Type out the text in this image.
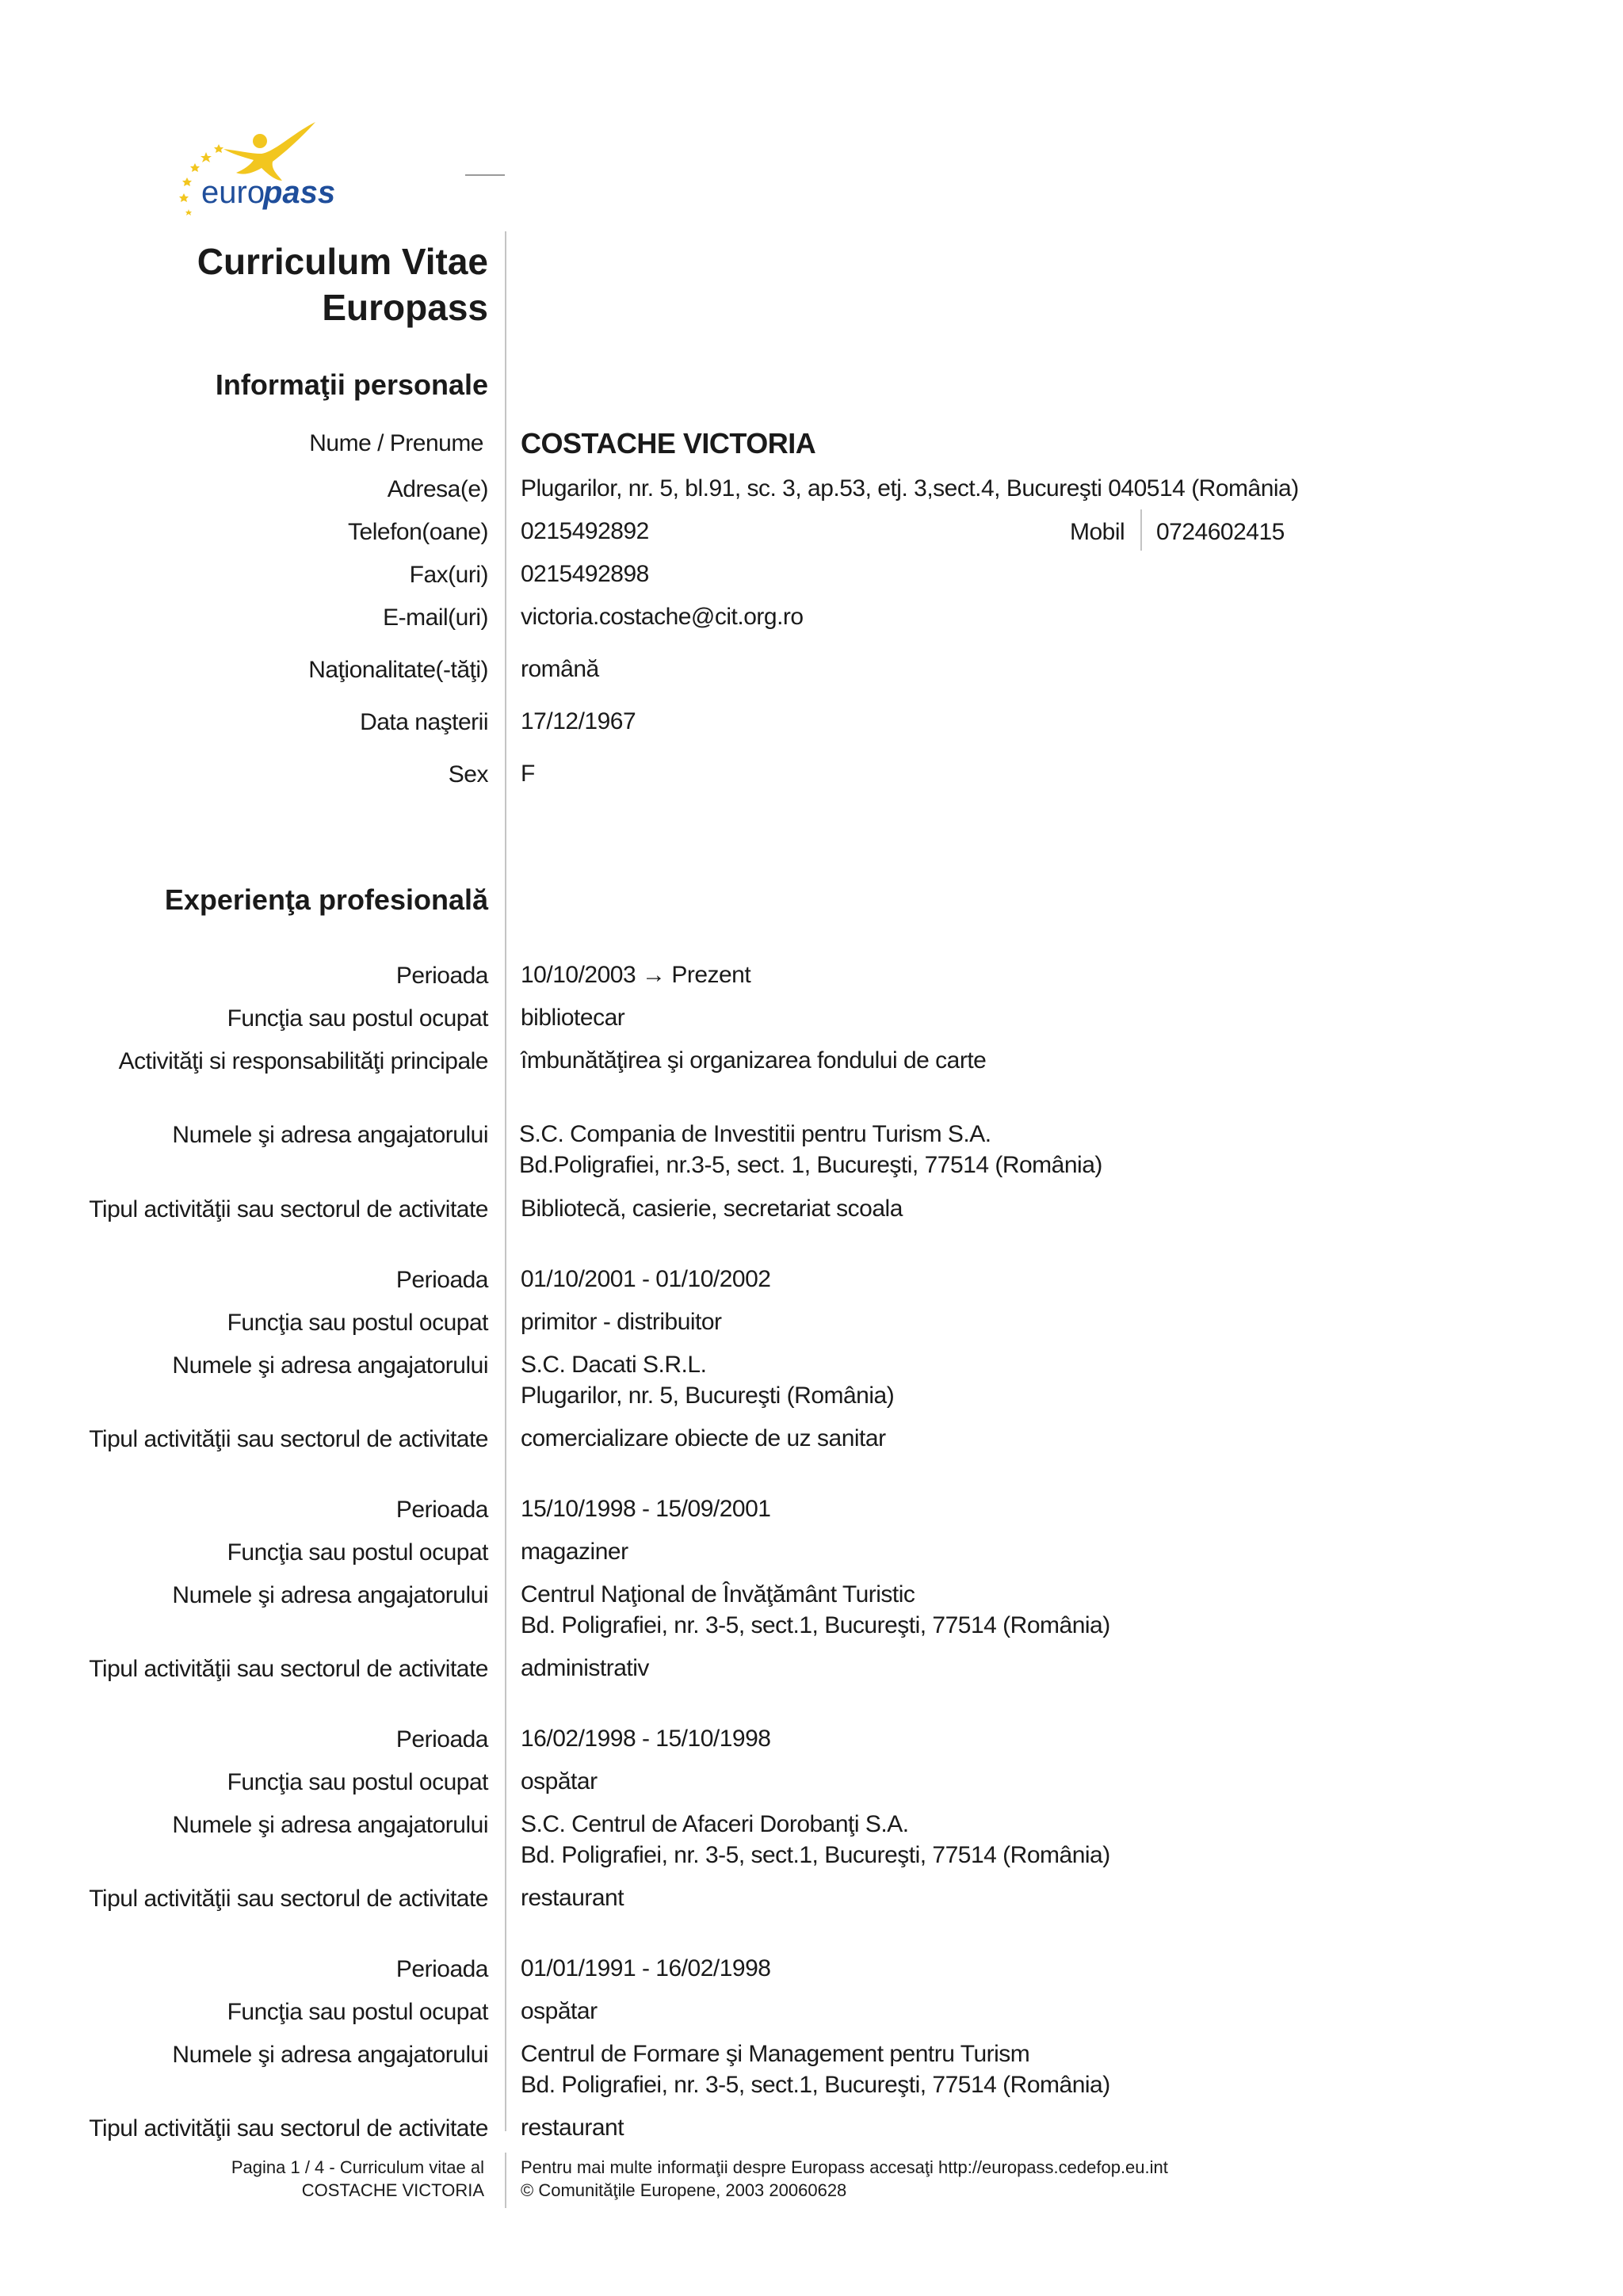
euro
pass
Curriculum Vitae
Europass
Informaţii personale
Nume / Prenume COSTACHE VICTORIA
Adresa(e) Plugarilor, nr. 5, bl.91, sc. 3, ap.53, etj. 3,sect.4, Bucureşti 040514 (România)
Telefon(oane) 0215492892	Mobil 0724602415
Fax(uri) 0215492898
E-mail(uri) victoria.costache@cit.org.ro
Naţionalitate(-tăţi) română
Data naşterii 17/12/1967
Sex F
Experienţa profesională
Perioada 10/10/2003 → Prezent
Funcţia sau postul ocupat bibliotecar
Activităţi si responsabilităţi principale îmbunătăţirea şi organizarea fondului de carte
Numele şi adresa angajatorului S.C. Compania de Investitii pentru Turism S.A.
Bd.Poligrafiei, nr.3-5, sect. 1, Bucureşti, 77514 (România)
Tipul activităţii sau sectorul de activitate Bibliotecă, casierie, secretariat scoala
Perioada 01/10/2001 - 01/10/2002
Funcţia sau postul ocupat primitor - distribuitor
Numele şi adresa angajatorului S.C. Dacati S.R.L.
Plugarilor, nr. 5, Bucureşti (România)
Tipul activităţii sau sectorul de activitate comercializare obiecte de uz sanitar
Perioada 15/10/1998 - 15/09/2001
Funcţia sau postul ocupat magaziner
Numele şi adresa angajatorului Centrul Naţional de Învăţământ Turistic
Bd. Poligrafiei, nr. 3-5, sect.1, Bucureşti, 77514 (România)
Tipul activităţii sau sectorul de activitate administrativ
Perioada 16/02/1998 - 15/10/1998
Funcţia sau postul ocupat ospătar
Numele şi adresa angajatorului S.C. Centrul de Afaceri Dorobanţi S.A.
Bd. Poligrafiei, nr. 3-5, sect.1, Bucureşti, 77514 (România)
Tipul activităţii sau sectorul de activitate restaurant
Perioada 01/01/1991 - 16/02/1998
Funcţia sau postul ocupat ospătar
Numele şi adresa angajatorului Centrul de Formare şi Management pentru Turism
Bd. Poligrafiei, nr. 3-5, sect.1, Bucureşti, 77514 (România)
Tipul activităţii sau sectorul de activitate restaurant
Pagina 1 / 4 - Curriculum vitae al
COSTACHE VICTORIA
Pentru mai multe informaţii despre Europass accesaţi http://europass.cedefop.eu.int
© Comunităţile Europene, 2003 20060628
